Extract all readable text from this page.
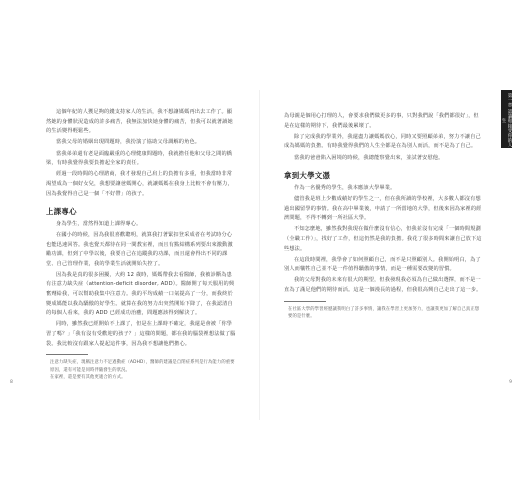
這個年紀的人獲足夠的錢支持家人的生活，我不想讓媽媽再出去工作了。顯然她的身體狀況造成的許多痛苦，我無法加快她身體的痛苦，但我可以就著讀她的生活變得輕鬆些。

當我父母的婚姻出現問題時，我扮演了協助父母調解的角色。

當我弟弟還有老是面臨嚴重的心理健康問題時，我就擔任他和父母之間的橋梁，有時我覺得我要負擔起全家的責任。

經過一段時間的心理諮商，我才發現自己肩上的負擔有多重，但我當時非常渴望成為一個好女兒，我想要讓爸媽開心，就讓媽媽在我身上比較不會有壓力，因為我覺得自己是一個「不好帶」的孩子。

上課專心

身為學生，當然得知道上課得專心。

在國小的時候，因為我很喜歡聰明，就算我打著緊扣登采成者在考試時分心也能迅速回答。我也覺天都待在同一間教室裡，而且有點結構系列要出來激動激勵功課，但到了中學以後，我要自己在追蹤我的功課，而且還會得出不同的課堂、自己管理作業，我的學業生活就開始失控了。

因為我是真的很多困擾，大約 12 歲時，媽媽帶我去看醫師，我被診斷為患有注意力缺失症（attention-deficit disorder, ADD）。醫師開了每天服用的興奮劑給我，可以幫助我集中注意力。我的平均成績一口氣提高了一分，而我終於變成媽能以我為驕傲的好學生。就算在我的努力出突然開始下降了，在我認清自的每個人看來，我的 ADD 已經成功治癒，問題應該得到解決了。

同時，雖然我已經開始不上課了，但是在上課時不確定，我還是會被「你學習了嗎？」「我有沒有受歡迎的孩子？」這樣的問題，都在我的腦袋裡想法做了腦袋。我比較沒有跟家人提起這件事，因為我不想讓他們擔心。

注意力缺失症，現稱注意力不足過動症（ADHD），醫師的建議是自閉症系列是行為能力的重要原因，還有可能是同時伴隨發生的狀況。

在家裡，還是要有其他更適合的方式。

8
第一章 認識和接受你的人生

為母親是個用心打理的人，會要求我們做更多的事，只對我們說「我們都很好」，但是在這樣的期待下，我們最後累壞了。

除了完成我的學業外，我還盡力讓媽媽放心，同時又要照顧弟弟，努力不讓自己成為媽媽的負擔。有時我覺得我們的人生全都是在為別人而活，而不是為了自己。

當我的爸爸陷入困境的時候，我總能察覺出來，並試著安慰他。

拿到大學文憑

作為一名優秀的學生，我本應該大學畢業。

儘管我是班上少數成績好的學生之一，但在我所讀的學校裡，大多數人都沒有想過出國留學的事情。我在高中畢業後，申請了一所當地的大學，但後來因為家裡的經濟問題，不得不轉到一所社區大學。

不知怎麼地，雖然我對我現在做什麼沒有信心，但我並沒有完成「一個時間規劃（全職工作）」，找好了工作，但這仍然是我的負擔。我花了很多時間來讓自己放下這些想法。

在這段時間裡，我學會了如何照顧自己，而不是只照顧別人。我開始明白，為了別人而犧牲自己並不是一件值得驕傲的事情，而是一種需要改變的習慣。

我的父母對我的未來有很大的期望，但我發現我必須為自己做出選擇，而不是一直為了滿足他們的期待而活。這是一個漫長的過程，但我很高興自己走出了這一步。

在社區大學的學習經歷讓我明白了許多事情，讓我在學習上更加努力，也讓我更加了解自己真正想要的是什麼。

9
